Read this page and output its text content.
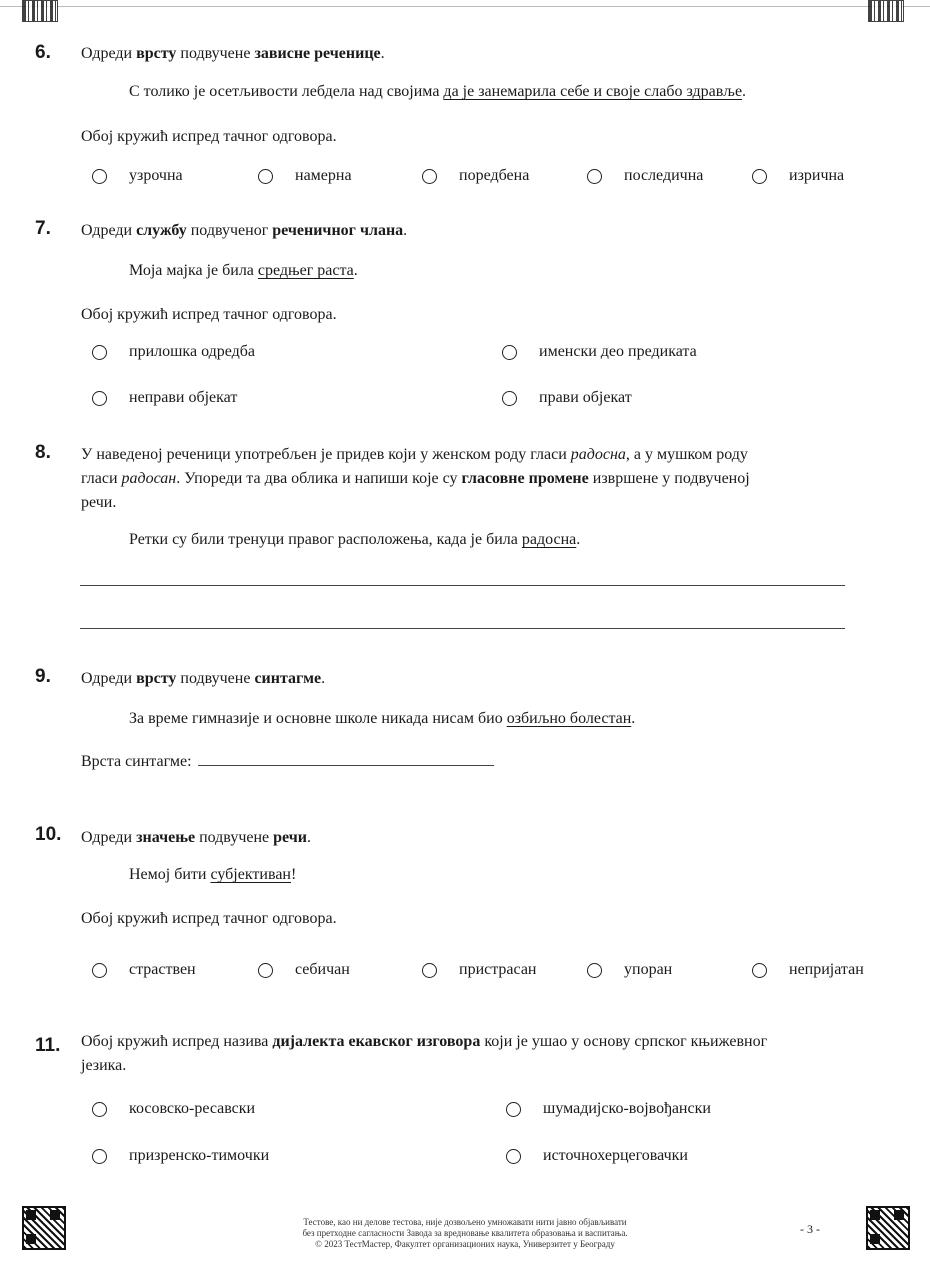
6. Одреди врсту подвучене зависне реченице.
С толико је осетљивости лебдела над својима да је занемарила себе и своје слабо здравље.
Обој кружић испред тачног одговора.
узрочна	намерна	поредбена	последична	изрична
7. Одреди службу подвученог реченичног члана.
Моја мајка је била средњег раста.
Обој кружић испред тачног одговора.
прилошка одредба	именски део предиката
неправи објекат	прави објекат
8. У наведеној реченици употребљен је придев који у женском роду гласи радосна, а у мушком роду
гласи радосан. Упореди та два облика и напиши које су гласовне промене извршене у подвученој
речи.
Ретки су били тренуци правог расположења, када је била радосна.
9. Одреди врсту подвучене синтагме.
За време гимназије и основне школе никада нисам био озбиљно болестан.
Врста синтагме:
10. Одреди значење подвучене речи.
Немој бити субјективан!
Обој кружић испред тачног одговора.
страствен	себичан	пристрасан	упоран	непријатан
11. Обој кружић испред назива дијалекта екавског изговора који је ушао у основу српског књижевног
језика.
косовско-ресавски	шумадијско-војвођански
призренско-тимочки	источнохерцеговачки
Тестове, као ни делове тестова, није дозвољено умножавати нити јавно објављивати
без претходне сагласности Завода за вредновање квалитета образовања и васпитања.
© 2023 ТестМастер, Факултет организационих наука, Универзитет у Београду
- 3 -
